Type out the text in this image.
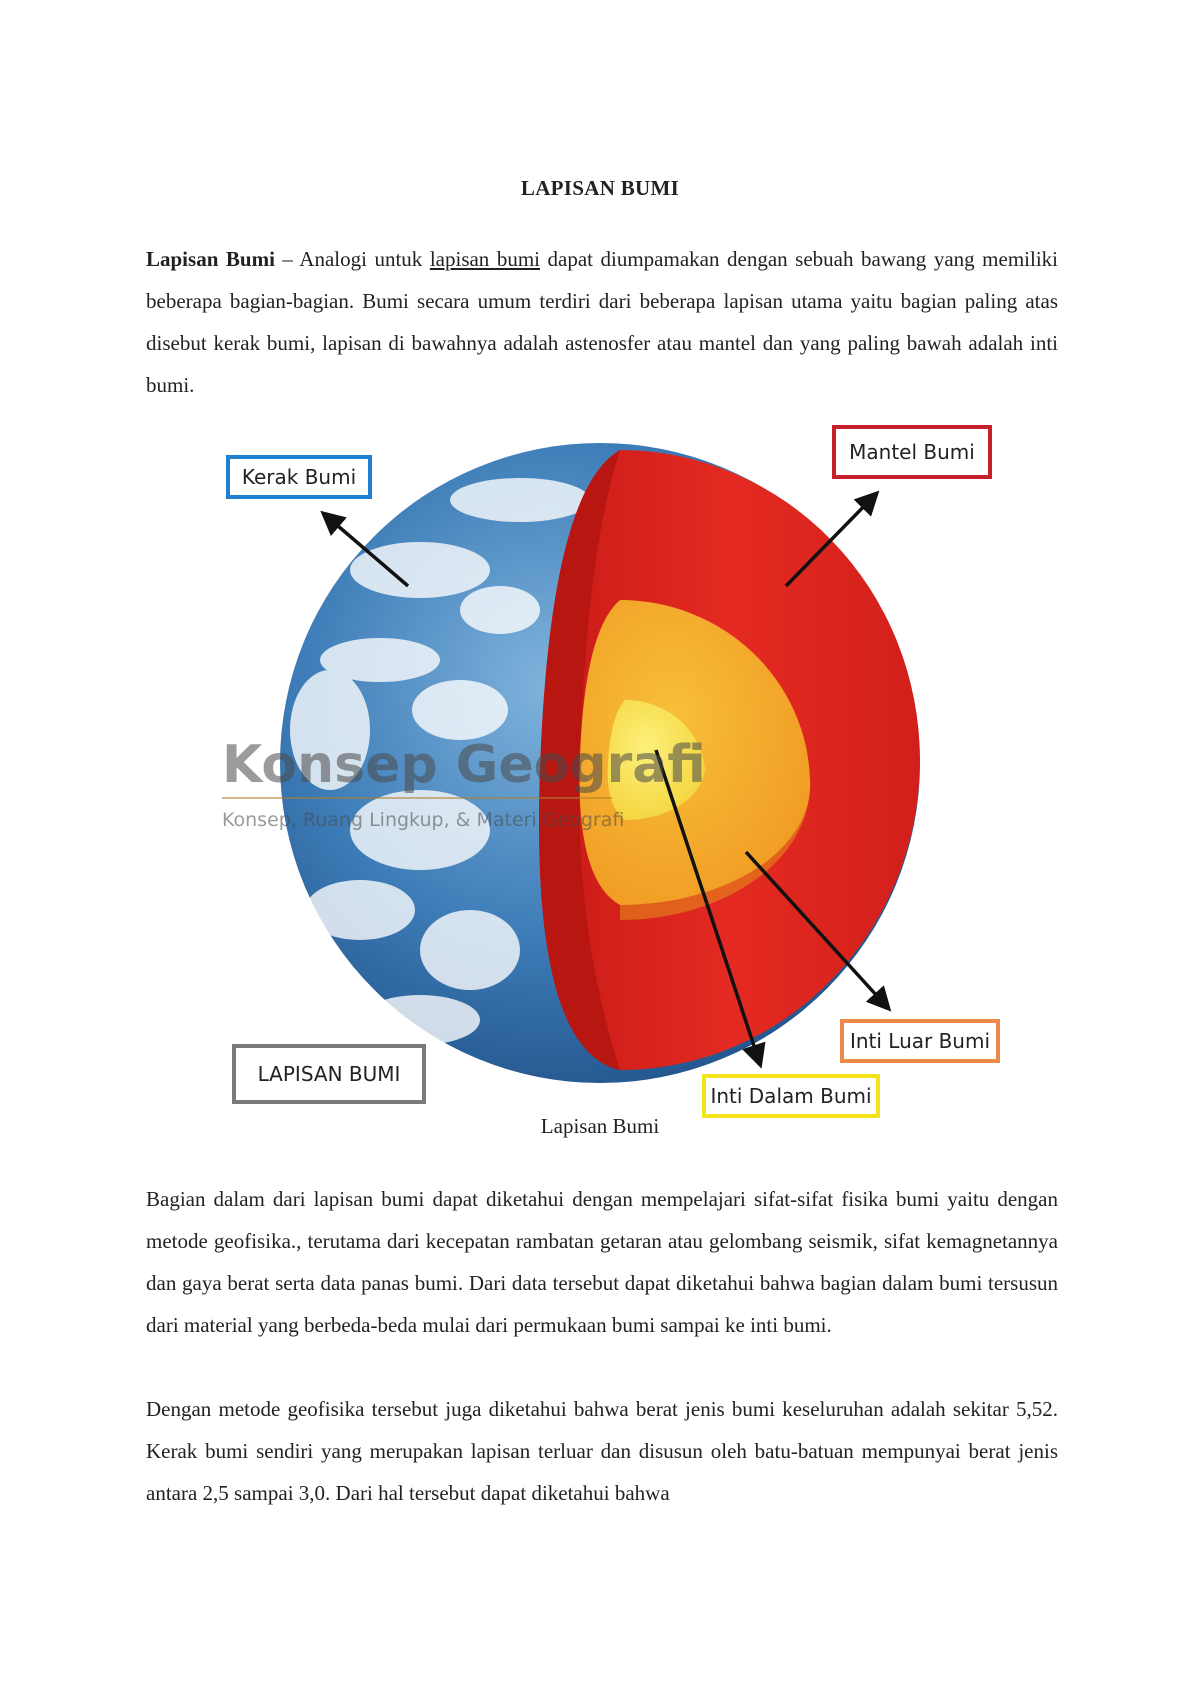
LAPISAN BUMI

Lapisan Bumi – Analogi untuk lapisan bumi dapat diumpamakan dengan sebuah bawang yang memiliki beberapa bagian-bagian. Bumi secara umum terdiri dari beberapa lapisan utama yaitu bagian paling atas disebut kerak bumi, lapisan di bawahnya adalah astenosfer atau mantel dan yang paling bawah adalah inti bumi.

Kerak Bumi
Mantel Bumi
Inti Luar Bumi
Inti Dalam Bumi
LAPISAN BUMI
Konsep Geografi
Konsep, Ruang Lingkup, & Materi Geografi
Lapisan Bumi

Bagian dalam dari lapisan bumi dapat diketahui dengan mempelajari sifat-sifat fisika bumi yaitu dengan metode geofisika., terutama dari kecepatan rambatan getaran atau gelombang seismik, sifat kemagnetannya dan gaya berat serta data panas bumi. Dari data tersebut dapat diketahui bahwa bagian dalam bumi tersusun dari material yang berbeda-beda mulai dari permukaan bumi sampai ke inti bumi.

Dengan metode geofisika tersebut juga diketahui bahwa berat jenis bumi keseluruhan adalah sekitar 5,52. Kerak bumi sendiri yang merupakan lapisan terluar dan disusun oleh batu-batuan mempunyai berat jenis antara 2,5 sampai 3,0. Dari hal tersebut dapat diketahui bahwa
